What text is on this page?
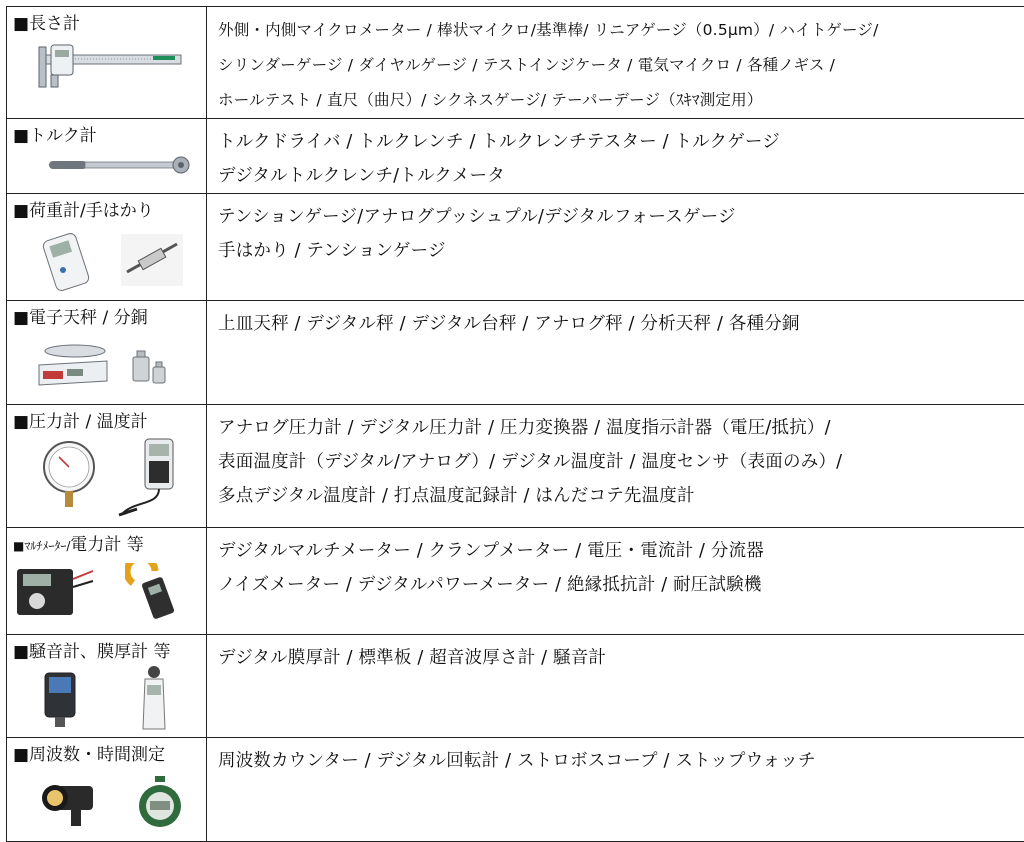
■長さ計	外側・内側マイクロメーター / 棒状マイクロ/基準棒/ リニアゲージ（0.5μm）/ ハイトゲージ/
シリンダーゲージ / ダイヤルゲージ / テストインジケータ / 電気マイクロ / 各種ノギス /
ホールテスト / 直尺（曲尺）/ シクネスゲージ/ テーパーデージ（ｽｷﾏ測定用）

■トルク計	トルクドライバ / トルクレンチ / トルクレンチテスター / トルクゲージ
デジタルトルクレンチ/トルクメータ

■荷重計/手はかり	テンションゲージ/アナログプッシュプル/デジタルフォースゲージ
手はかり / テンションゲージ

■電子天秤 / 分銅	上皿天秤 / デジタル秤 / デジタル台秤 / アナログ秤 / 分析天秤 / 各種分銅

■圧力計 / 温度計	アナログ圧力計 / デジタル圧力計 / 圧力変換器 / 温度指示計器（電圧/抵抗）/
表面温度計（デジタル/アナログ）/ デジタル温度計 / 温度センサ（表面のみ）/
多点デジタル温度計 / 打点温度記録計 / はんだコテ先温度計

■ﾏﾙﾁﾒｰﾀｰ/電力計 等	デジタルマルチメーター / クランプメーター / 電圧・電流計 / 分流器
ノイズメーター / デジタルパワーメーター / 絶縁抵抗計 / 耐圧試験機

■騒音計、膜厚計 等	デジタル膜厚計 / 標準板 / 超音波厚さ計 / 騒音計

■周波数・時間測定	周波数カウンター / デジタル回転計 / ストロボスコープ / ストップウォッチ
